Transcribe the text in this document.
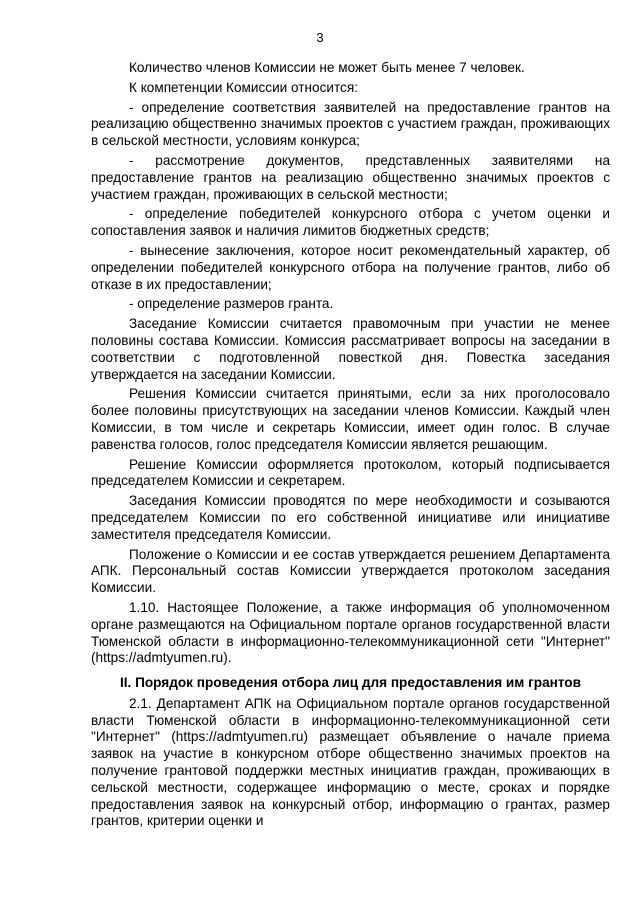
3

Количество членов Комиссии не может быть менее 7 человек.

К компетенции Комиссии относится:

- определение соответствия заявителей на предоставление грантов на реализацию общественно значимых проектов с участием граждан, проживающих в сельской местности, условиям конкурса;

- рассмотрение документов, представленных заявителями на предоставление грантов на реализацию общественно значимых проектов с участием граждан, проживающих в сельской местности;

- определение победителей конкурсного отбора с учетом оценки и сопоставления заявок и наличия лимитов бюджетных средств;

- вынесение заключения, которое носит рекомендательный характер, об определении победителей конкурсного отбора на получение грантов, либо об отказе в их предоставлении;

- определение размеров гранта.

Заседание Комиссии считается правомочным при участии не менее половины состава Комиссии. Комиссия рассматривает вопросы на заседании в соответствии с подготовленной повесткой дня. Повестка заседания утверждается на заседании Комиссии.

Решения Комиссии считается принятыми, если за них проголосовало более половины присутствующих на заседании членов Комиссии. Каждый член Комиссии, в том числе и секретарь Комиссии, имеет один голос. В случае равенства голосов, голос председателя Комиссии является решающим.

Решение Комиссии оформляется протоколом, который подписывается председателем Комиссии и секретарем.

Заседания Комиссии проводятся по мере необходимости и созываются председателем Комиссии по его собственной инициативе или инициативе заместителя председателя Комиссии.

Положение о Комиссии и ее состав утверждается решением Департамента АПК. Персональный состав Комиссии утверждается протоколом заседания Комиссии.

1.10. Настоящее Положение, а также информация об уполномоченном органе размещаются на Официальном портале органов государственной власти Тюменской области в информационно-телекоммуникационной сети "Интернет" (https://admtyumen.ru).

II. Порядок проведения отбора лиц для предоставления им грантов

2.1. Департамент АПК на Официальном портале органов государственной власти Тюменской области в информационно-телекоммуникационной сети "Интернет" (https://admtyumen.ru) размещает объявление о начале приема заявок на участие в конкурсном отборе общественно значимых проектов на получение грантовой поддержки местных инициатив граждан, проживающих в сельской местности, содержащее информацию о месте, сроках и порядке предоставления заявок на конкурсный отбор, информацию о грантах, размер грантов, критерии оценки и
